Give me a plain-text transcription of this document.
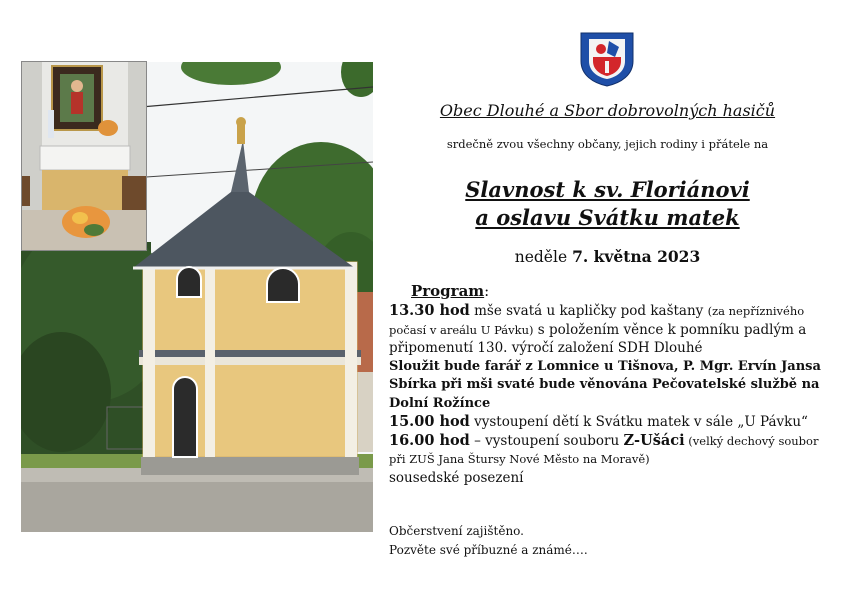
Obec Dlouhé a Sbor dobrovolných hasičů
srdečně zvou všechny občany, jejich rodiny i přátele na
Slavnost k sv. Floriánovi
a oslavu Svátku matek
neděle 7. května 2023
Program:

13.30 hod mše svatá u kapličky pod kaštany (za nepříznivého počasí v areálu U Pávku) s položením věnce k pomníku padlým a připomenutí 130. výročí založení SDH Dlouhé

Sloužit bude farář z Lomnice u Tišnova, P. Mgr. Ervín Jansa

Sbírka při mši svaté bude věnována Pečovatelské službě na Dolní Rožínce

15.00 hod vystoupení dětí k Svátku matek v sále „U Pávku“

16.00 hod – vystoupení souboru Z-Ušáci (velký dechový soubor při ZUŠ Jana Štursy Nové Město na Moravě)

sousedské posezení

Občerstvení zajištěno.

Pozvěte své příbuzné a známé….
